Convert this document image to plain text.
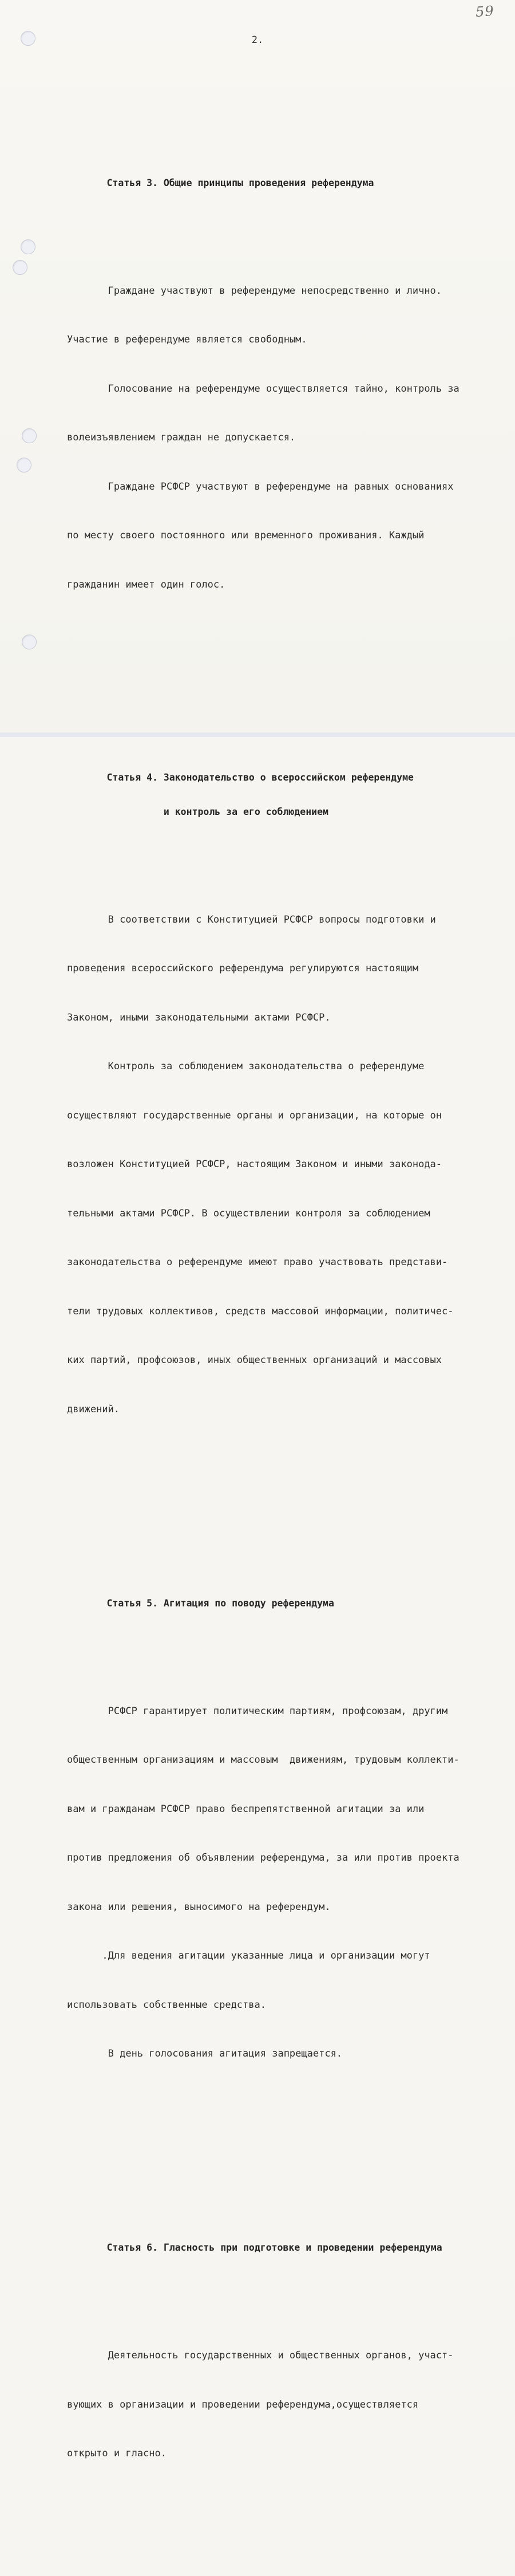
59
2.

Статья 3. Общие принципы проведения референдума

Граждане участвуют в референдуме непосредственно и лично.

Участие в референдуме является свободным.

Голосование на референдуме осуществляется тайно, контроль за

волеизъявлением граждан не допускается.

Граждане РСФСР участвуют в референдуме на равных основаниях

по месту своего постоянного или временного проживания. Каждый

гражданин имеет один голос.

Статья 4. Законодательство о всероссийском референдуме

и контроль за его соблюдением

В соответствии с Конституцией РСФСР вопросы подготовки и

проведения всероссийского референдума регулируются настоящим

Законом, иными законодательными актами РСФСР.

Контроль за соблюдением законодательства о референдуме

осуществляют государственные органы и организации, на которые он

возложен Конституцией РСФСР, настоящим Законом и иными законода-

тельными актами РСФСР. В осуществлении контроля за соблюдением

законодательства о референдуме имеют право участвовать представи-

тели трудовых коллективов, средств массовой информации, политичес-

ких партий, профсоюзов, иных общественных организаций и массовых

движений.

Статья 5. Агитация по поводу референдума

РСФСР гарантирует политическим партиям, профсоюзам, другим

общественным организациям и массовым  движениям, трудовым коллекти-

вам и гражданам РСФСР право беспрепятственной агитации за или

против предложения об объявлении референдума, за или против проекта

закона или решения, выносимого на референдум.

.Для ведения агитации указанные лица и организации могут

использовать собственные средства.

В день голосования агитация запрещается.

Статья 6. Гласность при подготовке и проведении референдума

Деятельность государственных и общественных органов, участ-

вующих в организации и проведении референдума,осуществляется

открыто и гласно.
